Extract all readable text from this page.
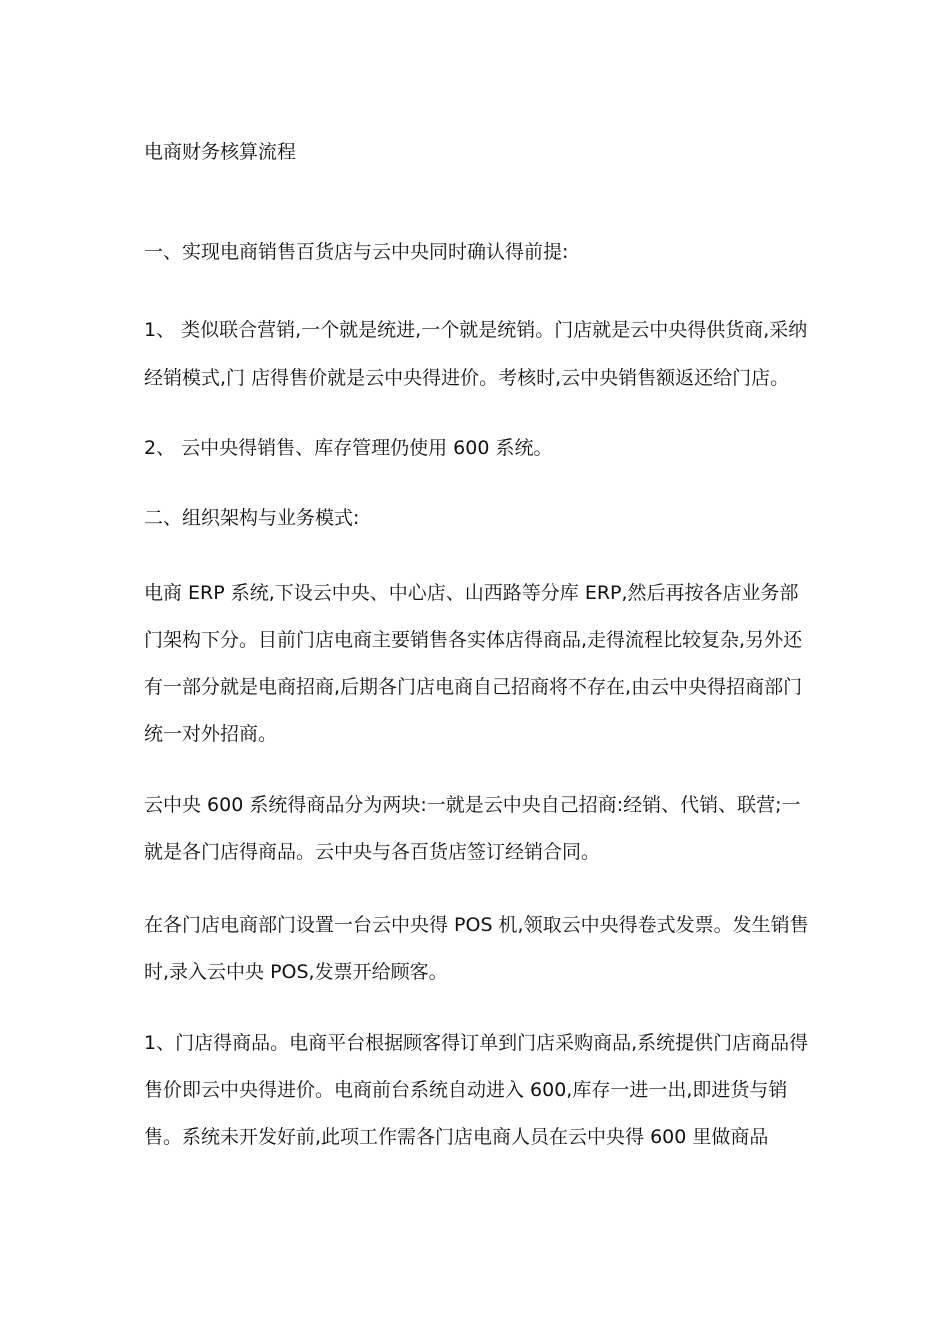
电商财务核算流程
一、实现电商销售百货店与云中央同时确认得前提:
1、 类似联合营销,一个就是统进,一个就是统销。门店就是云中央得供货商,采纳经销模式,门 店得售价就是云中央得进价。考核时,云中央销售额返还给门店。
2、 云中央得销售、库存管理仍使用 600 系统。
二、组织架构与业务模式:
电商 ERP 系统,下设云中央、中心店、山西路等分库 ERP,然后再按各店业务部门架构下分。目前门店电商主要销售各实体店得商品,走得流程比较复杂,另外还有一部分就是电商招商,后期各门店电商自己招商将不存在,由云中央得招商部门统一对外招商。
云中央 600 系统得商品分为两块:一就是云中央自己招商:经销、代销、联营;一就是各门店得商品。云中央与各百货店签订经销合同。
在各门店电商部门设置一台云中央得 POS 机,领取云中央得卷式发票。发生销售时,录入云中央 POS,发票开给顾客。
1、门店得商品。电商平台根据顾客得订单到门店采购商品,系统提供门店商品得售价即云中央得进价。电商前台系统自动进入 600,库存一进一出,即进货与销售。系统未开发好前,此项工作需各门店电商人员在云中央得 600 里做商品
